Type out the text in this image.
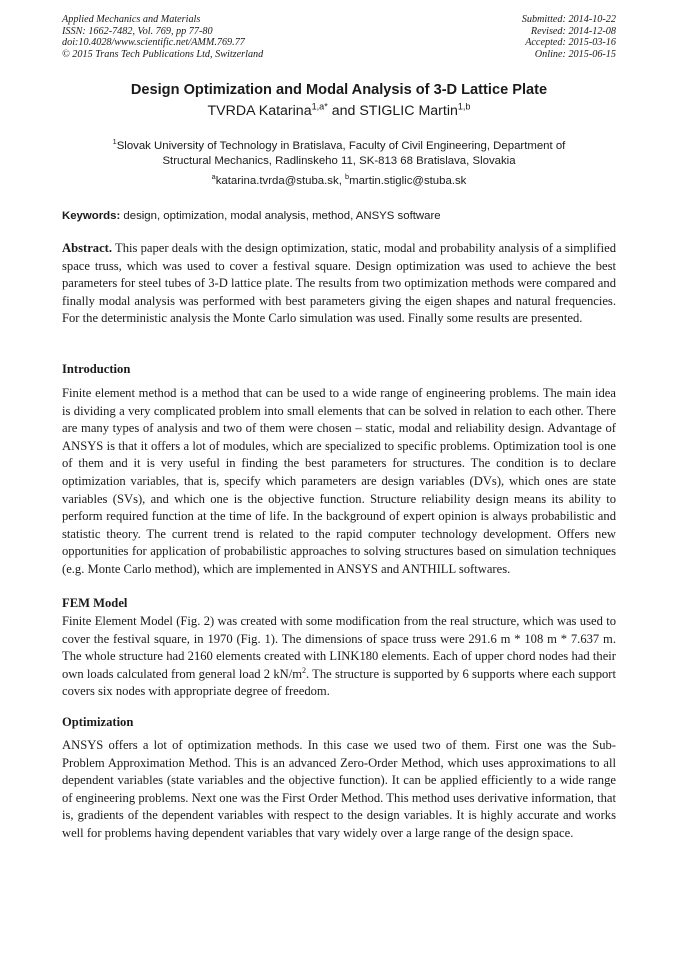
Applied Mechanics and Materials
ISSN: 1662-7482, Vol. 769, pp 77-80
doi:10.4028/www.scientific.net/AMM.769.77
© 2015 Trans Tech Publications Ltd, Switzerland
Submitted: 2014-10-22
Revised: 2014-12-08
Accepted: 2015-03-16
Online: 2015-06-15
Design Optimization and Modal Analysis of 3-D Lattice Plate
TVRDA Katarina$^{1,a*}$ and STIGLIC Martin$^{1,b}$
$^1$Slovak University of Technology in Bratislava, Faculty of Civil Engineering, Department of
Structural Mechanics, Radlinskeho 11, SK-813 68 Bratislava, Slovakia
$^a$katarina.tvrda@stuba.sk, $^b$martin.stiglic@stuba.sk
Keywords: design, optimization, modal analysis, method, ANSYS software

Abstract. This paper deals with the design optimization, static, modal and probability analysis of a simplified space truss, which was used to cover a festival square. Design optimization was used to achieve the best parameters for steel tubes of 3-D lattice plate. The results from two optimization methods were compared and finally modal analysis was performed with best parameters giving the eigen shapes and natural frequencies. For the deterministic analysis the Monte Carlo simulation was used. Finally some results are presented.

Introduction

Finite element method is a method that can be used to a wide range of engineering problems. The main idea is dividing a very complicated problem into small elements that can be solved in relation to each other. There are many types of analysis and two of them were chosen – static, modal and reliability design. Advantage of ANSYS is that it offers a lot of modules, which are specialized to specific problems. Optimization tool is one of them and it is very useful in finding the best parameters for structures. The condition is to declare optimization variables, that is, specify which parameters are design variables (DVs), which ones are state variables (SVs), and which one is the objective function. Structure reliability design means its ability to perform required function at the time of life. In the background of expert opinion is always probabilistic and statistic theory. The current trend is related to the rapid computer technology development. Offers new opportunities for application of probabilistic approaches to solving structures based on simulation techniques (e.g. Monte Carlo method), which are implemented in ANSYS and ANTHILL softwares.

FEM Model

Finite Element Model (Fig. 2) was created with some modification from the real structure, which was used to cover the festival square, in 1970 (Fig. 1). The dimensions of space truss were 291.6 m * 108 m * 7.637 m. The whole structure had 2160 elements created with LINK180 elements. Each of upper chord nodes had their own loads calculated from general load 2 $kN/m^2$. The structure is supported by 6 supports where each support covers six nodes with appropriate degree of freedom.

Optimization

ANSYS offers a lot of optimization methods. In this case we used two of them. First one was the Sub-Problem Approximation Method. This is an advanced Zero-Order Method, which uses approximations to all dependent variables (state variables and the objective function). It can be applied efficiently to a wide range of engineering problems. Next one was the First Order Method. This method uses derivative information, that is, gradients of the dependent variables with respect to the design variables. It is highly accurate and works well for problems having dependent variables that vary widely over a large range of the design space.
